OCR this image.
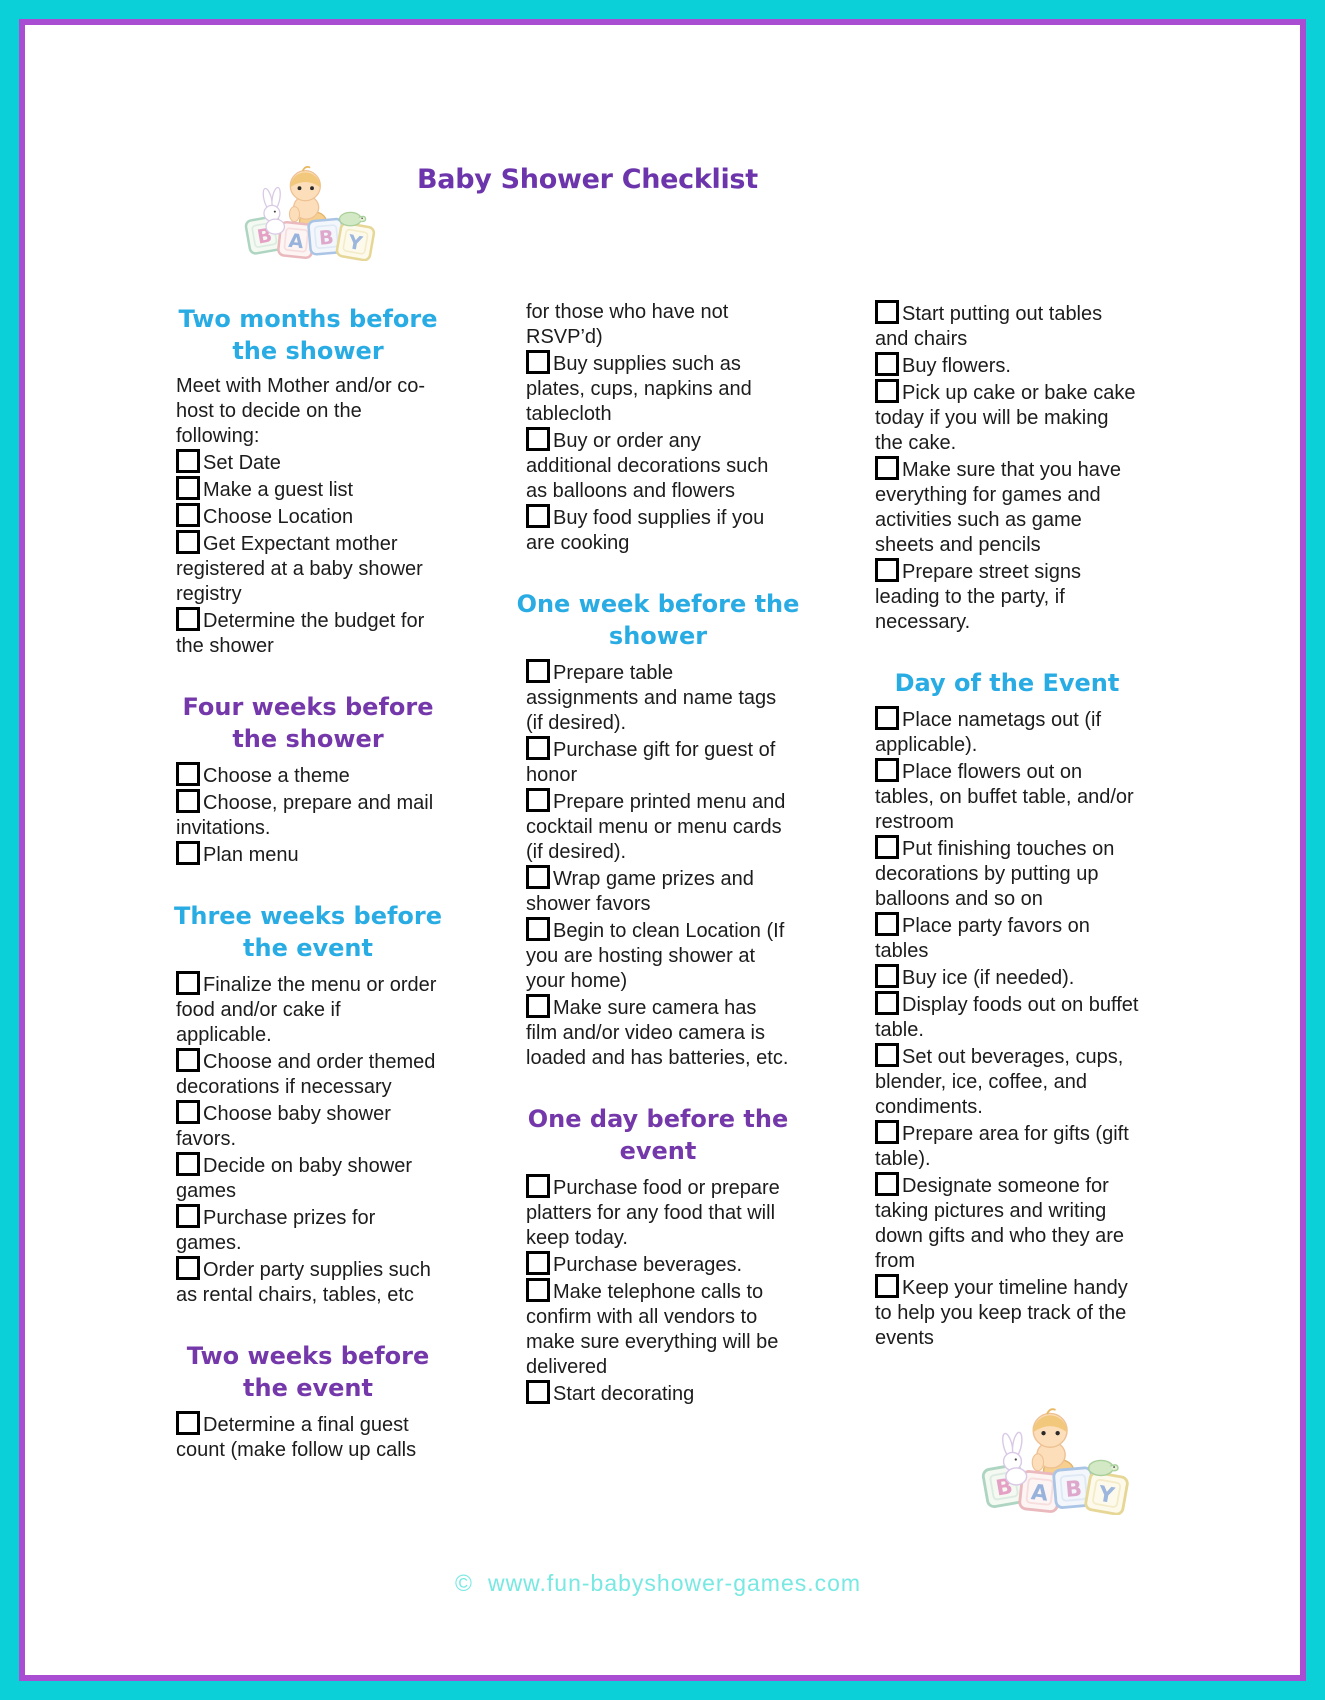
Baby Shower Checklist
Two months before the shower

Meet with Mother and/or co-host to decide on the following:

Set Date

Make a guest list

Choose Location

Get Expectant mother registered at a baby shower registry

Determine the budget for the shower

Four weeks before the shower

Choose a theme

Choose, prepare and mail invitations.

Plan menu

Three weeks before the event

Finalize the menu or order food and/or cake if applicable.

Choose and order themed decorations if necessary

Choose baby shower favors.

Decide on baby shower games

Purchase prizes for games.

Order party supplies such as rental chairs, tables, etc

Two weeks before the event

Determine a final guest count (make follow up calls

for those who have not RSVP’d)

Buy supplies such as plates, cups, napkins and tablecloth

Buy or order any additional decorations such as balloons and flowers

Buy food supplies if you are cooking

One week before the shower

Prepare table assignments and name tags (if desired).

Purchase gift for guest of honor

Prepare printed menu and cocktail menu or menu cards (if desired).

Wrap game prizes and shower favors

Begin to clean Location (If you are hosting shower at your home)

Make sure camera has film and/or video camera is loaded and has batteries, etc.

One day before the event

Purchase food or prepare platters for any food that will keep today.

Purchase beverages.

Make telephone calls to confirm with all vendors to make sure everything will be delivered

Start decorating

Start putting out tables and chairs

Buy flowers.

Pick up cake or bake cake today if you will be making the cake.

Make sure that you have everything for games and activities such as game sheets and pencils

Prepare street signs leading to the party, if necessary.

Day of the Event

Place nametags out (if applicable).

Place flowers out on tables, on buffet table, and/or restroom

Put finishing touches on decorations by putting up balloons and so on

Place party favors on tables

Buy ice (if needed).

Display foods out on buffet table.

Set out beverages, cups, blender, ice, coffee, and condiments.

Prepare area for gifts (gift table).

Designate someone for taking pictures and writing down gifts and who they are from

Keep your timeline handy to help you keep track of the events

© www.fun-babyshower-games.com
